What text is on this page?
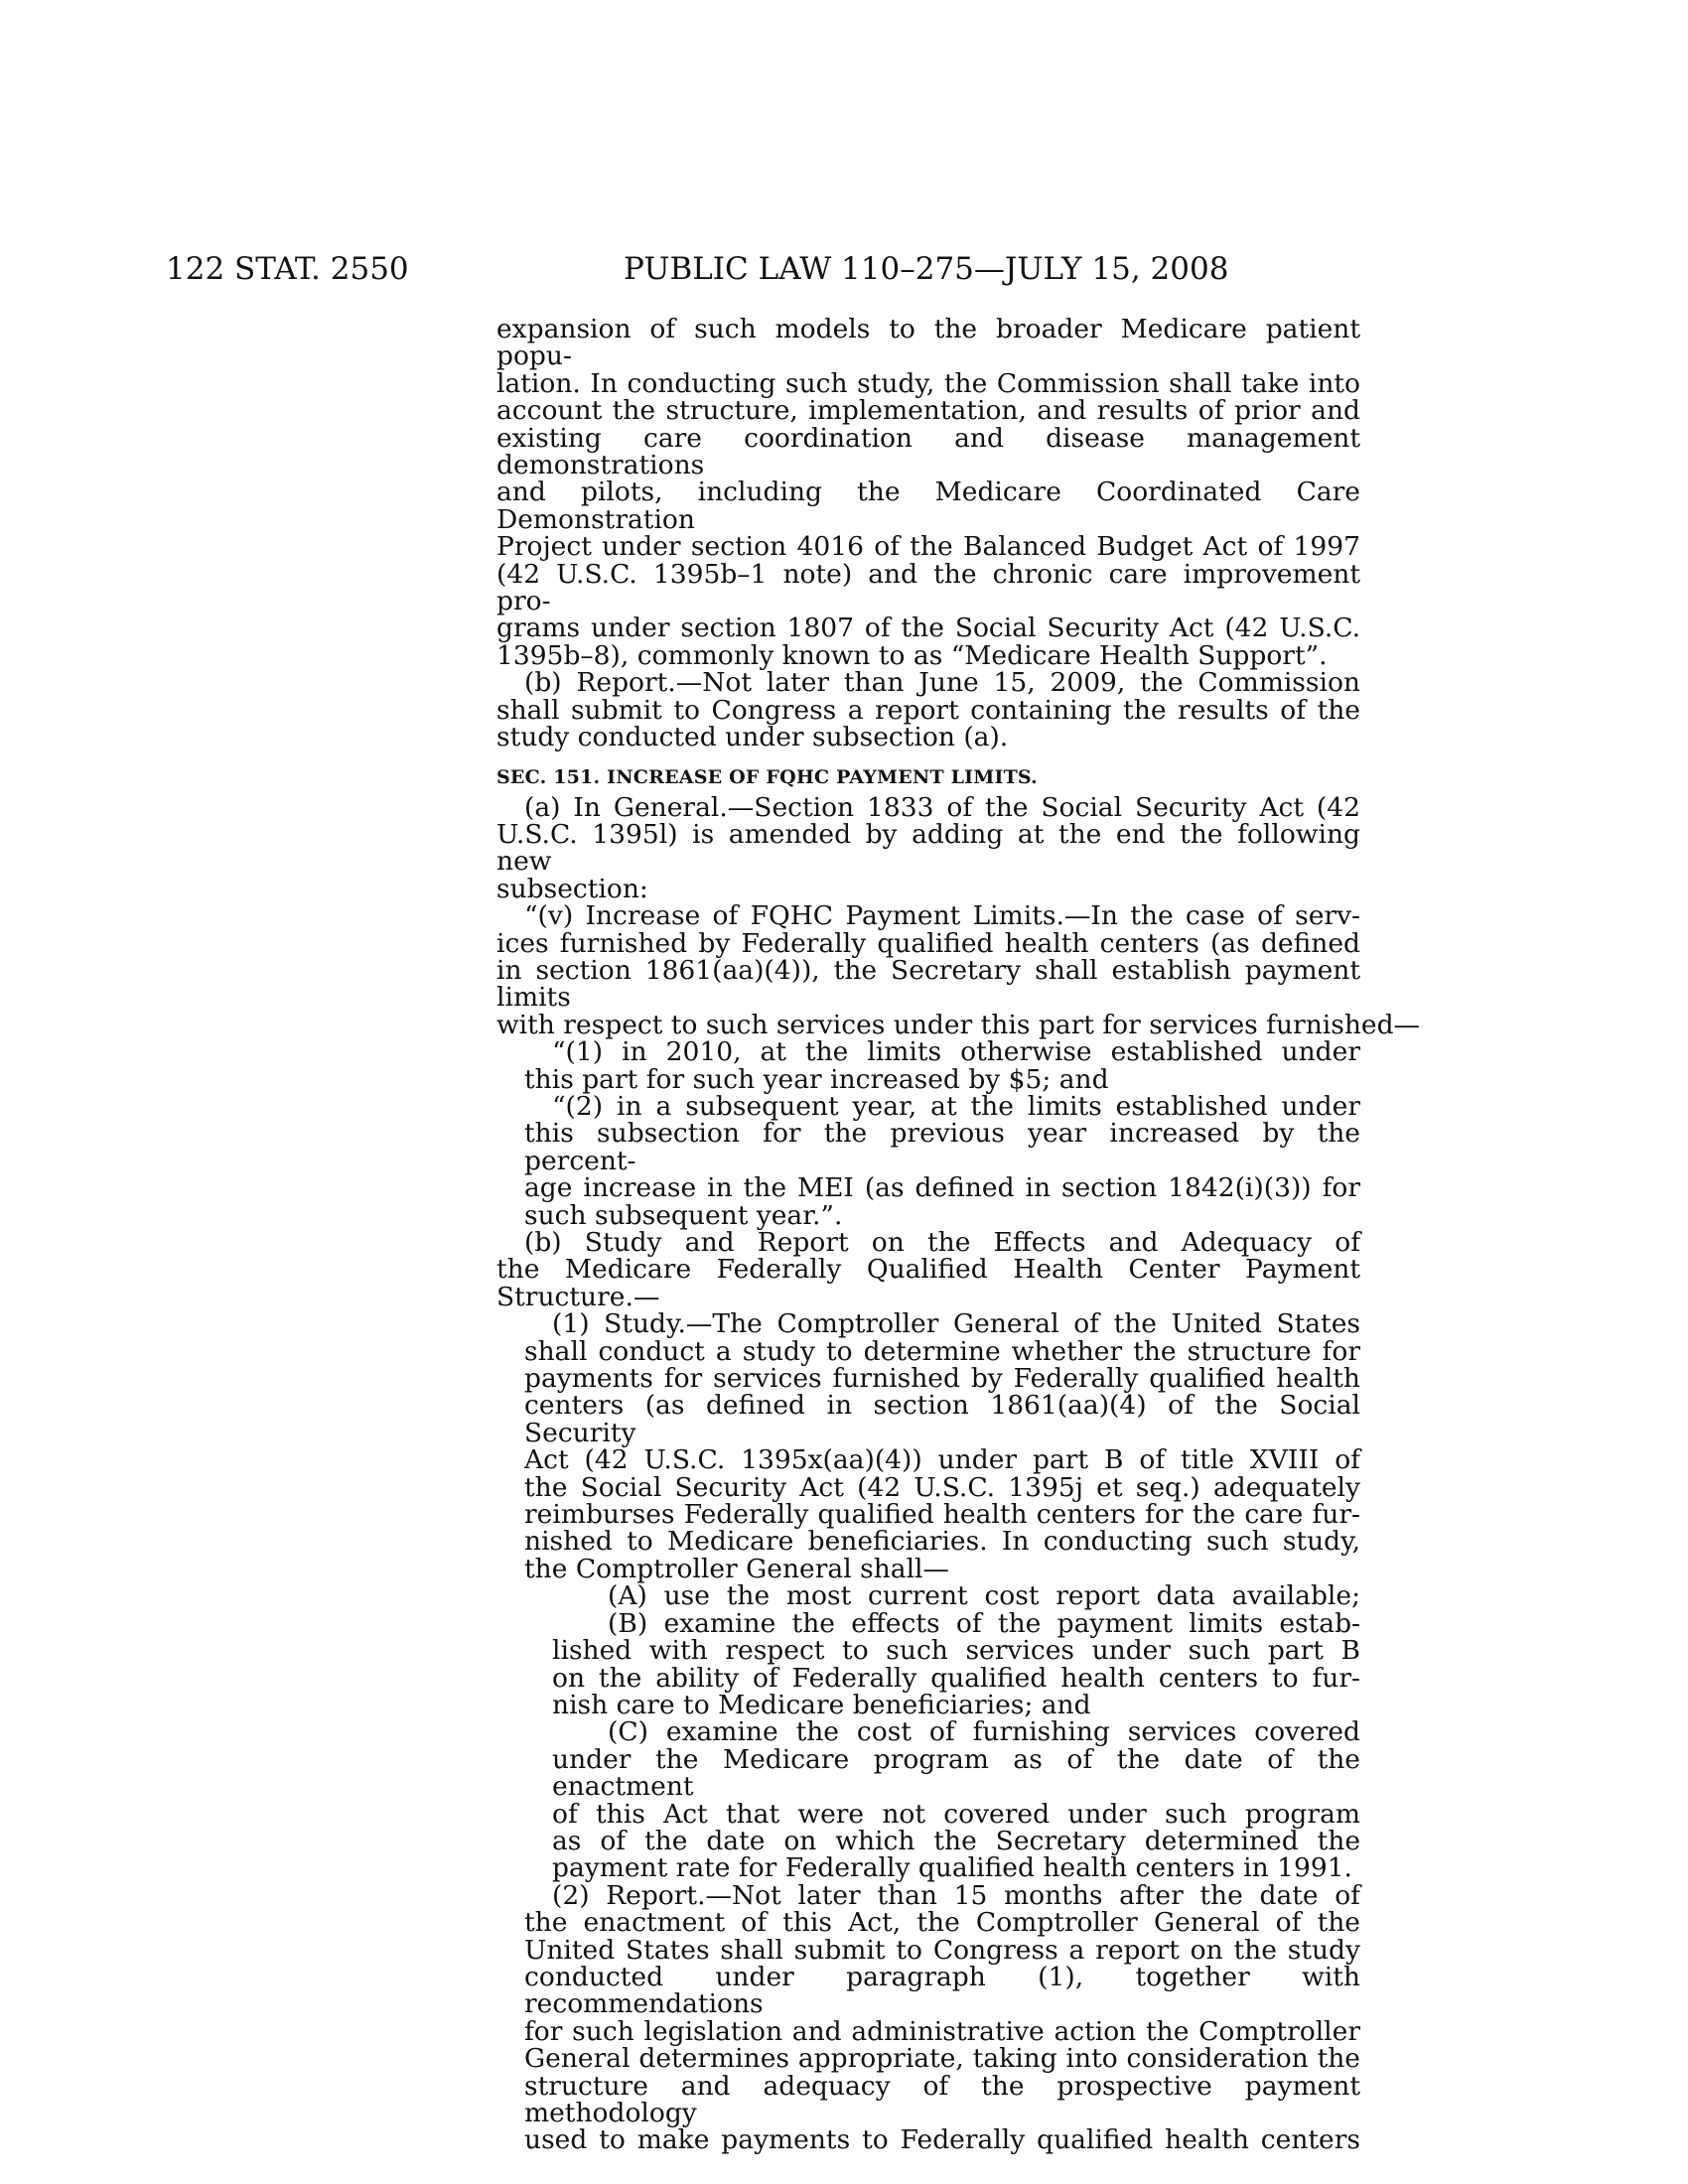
122 STAT. 2550	PUBLIC LAW 110–275—JULY 15, 2008
expansion of such models to the broader Medicare patient popu-
lation. In conducting such study, the Commission shall take into
account the structure, implementation, and results of prior and
existing care coordination and disease management demonstrations
and pilots, including the Medicare Coordinated Care Demonstration
Project under section 4016 of the Balanced Budget Act of 1997
(42 U.S.C. 1395b–1 note) and the chronic care improvement pro-
grams under section 1807 of the Social Security Act (42 U.S.C.
1395b–8), commonly known to as “Medicare Health Support”.
(b) Report.—Not later than June 15, 2009, the Commission
shall submit to Congress a report containing the results of the
study conducted under subsection (a).
SEC. 151. INCREASE OF FQHC PAYMENT LIMITS.
(a) In General.—Section 1833 of the Social Security Act (42
U.S.C. 1395l) is amended by adding at the end the following new
subsection:
“(v) Increase of FQHC Payment Limits.—In the case of serv-
ices furnished by Federally qualified health centers (as defined
in section 1861(aa)(4)), the Secretary shall establish payment limits
with respect to such services under this part for services furnished—
“(1) in 2010, at the limits otherwise established under
this part for such year increased by $5; and
“(2) in a subsequent year, at the limits established under
this subsection for the previous year increased by the percent-
age increase in the MEI (as defined in section 1842(i)(3)) for
such subsequent year.”.
(b) Study and Report on the Effects and Adequacy of
the Medicare Federally Qualified Health Center Payment
Structure.—
(1) Study.—The Comptroller General of the United States
shall conduct a study to determine whether the structure for
payments for services furnished by Federally qualified health
centers (as defined in section 1861(aa)(4) of the Social Security
Act (42 U.S.C. 1395x(aa)(4)) under part B of title XVIII of
the Social Security Act (42 U.S.C. 1395j et seq.) adequately
reimburses Federally qualified health centers for the care fur-
nished to Medicare beneficiaries. In conducting such study,
the Comptroller General shall—
(A) use the most current cost report data available;
(B) examine the effects of the payment limits estab-
lished with respect to such services under such part B
on the ability of Federally qualified health centers to fur-
nish care to Medicare beneficiaries; and
(C) examine the cost of furnishing services covered
under the Medicare program as of the date of the enactment
of this Act that were not covered under such program
as of the date on which the Secretary determined the
payment rate for Federally qualified health centers in 1991.
(2) Report.—Not later than 15 months after the date of
the enactment of this Act, the Comptroller General of the
United States shall submit to Congress a report on the study
conducted under paragraph (1), together with recommendations
for such legislation and administrative action the Comptroller
General determines appropriate, taking into consideration the
structure and adequacy of the prospective payment methodology
used to make payments to Federally qualified health centers
